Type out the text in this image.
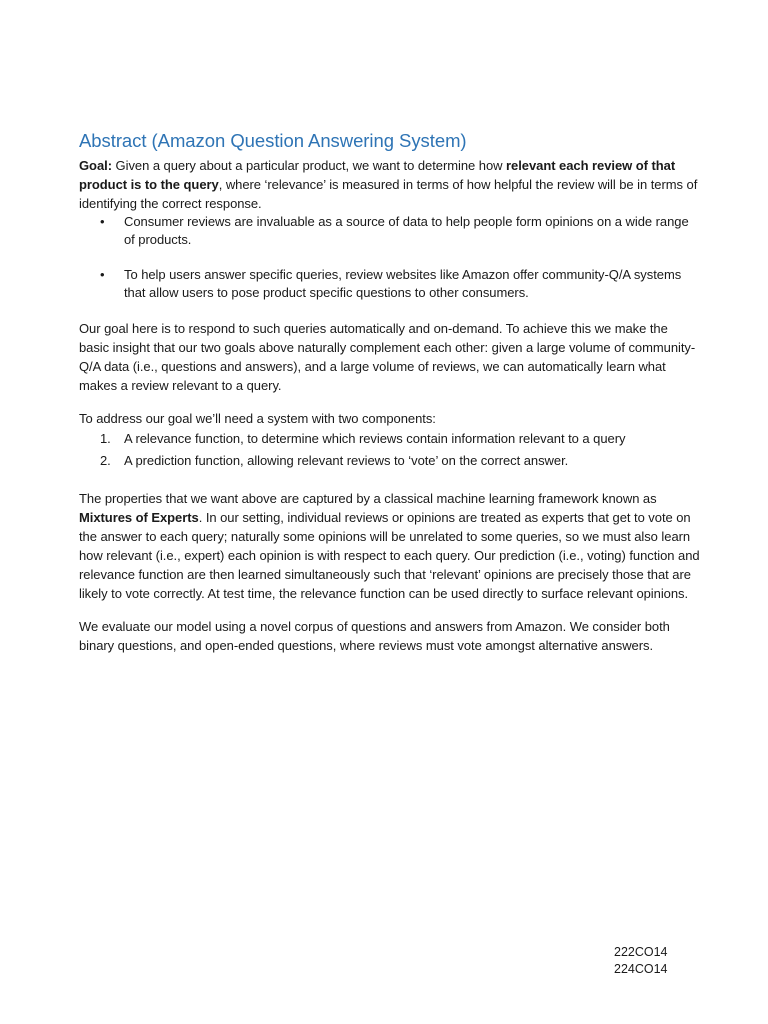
Abstract (Amazon Question Answering System)

Goal: Given a query about a particular product, we want to determine how relevant each review of that product is to the query, where ‘relevance’ is measured in terms of how helpful the review will be in terms of identifying the correct response.

• Consumer reviews are invaluable as a source of data to help people form opinions on a wide range of products.
• To help users answer specific queries, review websites like Amazon offer community-Q/A systems that allow users to pose product specific questions to other consumers.

Our goal here is to respond to such queries automatically and on-demand. To achieve this we make the basic insight that our two goals above naturally complement each other: given a large volume of community-Q/A data (i.e., questions and answers), and a large volume of reviews, we can automatically learn what makes a review relevant to a query.

To address our goal we’ll need a system with two components:

1. A relevance function, to determine which reviews contain information relevant to a query
2. A prediction function, allowing relevant reviews to ‘vote’ on the correct answer.

The properties that we want above are captured by a classical machine learning framework known as Mixtures of Experts. In our setting, individual reviews or opinions are treated as experts that get to vote on the answer to each query; naturally some opinions will be unrelated to some queries, so we must also learn how relevant (i.e., expert) each opinion is with respect to each query. Our prediction (i.e., voting) function and relevance function are then learned simultaneously such that ‘relevant’ opinions are precisely those that are likely to vote correctly. At test time, the relevance function can be used directly to surface relevant opinions.

We evaluate our model using a novel corpus of questions and answers from Amazon. We consider both binary questions, and open-ended questions, where reviews must vote amongst alternative answers.

222CO14
224CO14
